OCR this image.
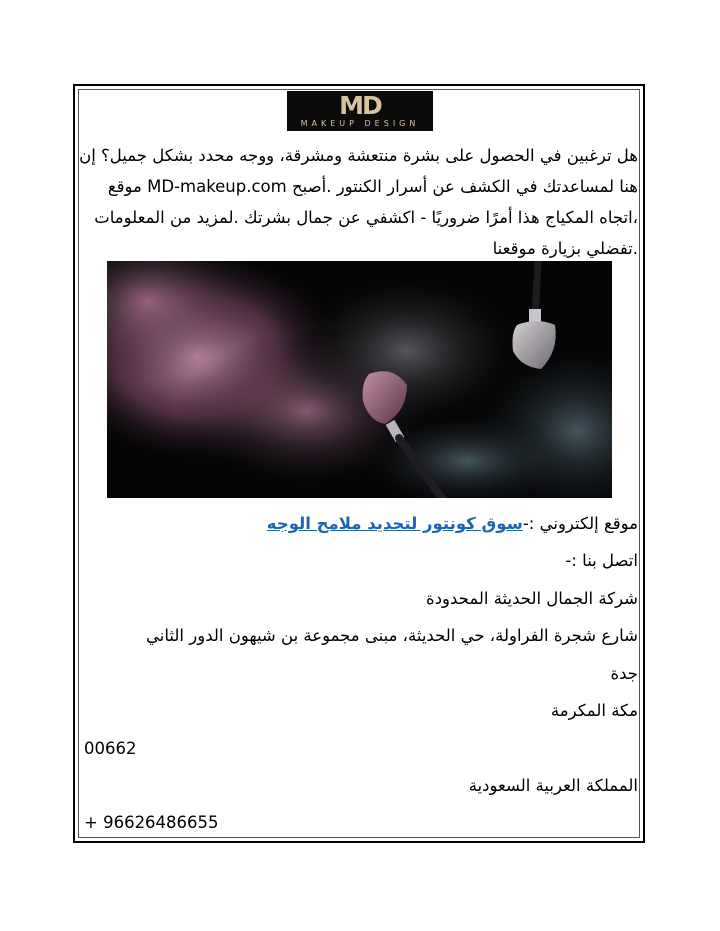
MD
MAKEUP DESIGN

هل ترغبين في الحصول على بشرة منتعشة ومشرقة، ووجه محدد بشكل جميل؟ إن

هنا لمساعدتك في الكشف عن أسرار الكنتور .أصبح MD-makeup.com موقع

،اتجاه المكياج هذا أمرًا ضروريًا - اكشفي عن جمال بشرتك .لمزيد من المعلومات

.تفضلي بزيارة موقعنا

موقع إلكتروني :-سوق كونتور لتحديد ملامح الوجه
اتصل بنا :-
شركة الجمال الحديثة المحدودة
شارع شجرة الفراولة، حي الحديثة، مبنى مجموعة بن شيهون الدور الثاني
جدة
مكة المكرمة
00662
المملكة العربية السعودية
+ 96626486655
